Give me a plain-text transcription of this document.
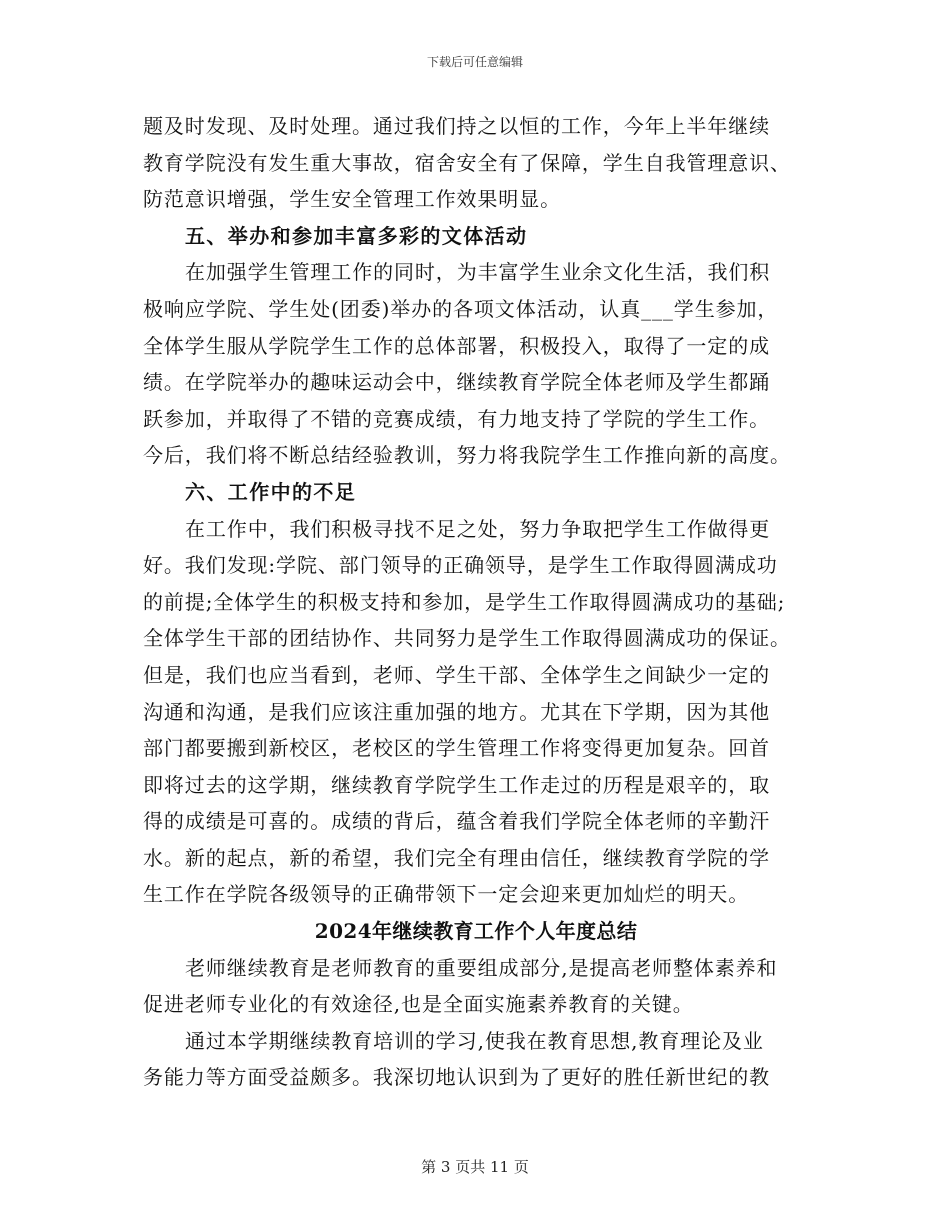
下载后可任意编辑
题及时发现、及时处理。通过我们持之以恒的工作，今年上半年继续
教育学院没有发生重大事故，宿舍安全有了保障，学生自我管理意识、
防范意识增强，学生安全管理工作效果明显。
五、举办和参加丰富多彩的文体活动
在加强学生管理工作的同时，为丰富学生业余文化生活，我们积
极响应学院、学生处(团委)举办的各项文体活动，认真___学生参加，
全体学生服从学院学生工作的总体部署，积极投入，取得了一定的成
绩。在学院举办的趣味运动会中，继续教育学院全体老师及学生都踊
跃参加，并取得了不错的竞赛成绩，有力地支持了学院的学生工作。
今后，我们将不断总结经验教训，努力将我院学生工作推向新的高度。
六、工作中的不足
在工作中，我们积极寻找不足之处，努力争取把学生工作做得更
好。我们发现:学院、部门领导的正确领导，是学生工作取得圆满成功
的前提;全体学生的积极支持和参加，是学生工作取得圆满成功的基础;
全体学生干部的团结协作、共同努力是学生工作取得圆满成功的保证。
但是，我们也应当看到，老师、学生干部、全体学生之间缺少一定的
沟通和沟通，是我们应该注重加强的地方。尤其在下学期，因为其他
部门都要搬到新校区，老校区的学生管理工作将变得更加复杂。回首
即将过去的这学期，继续教育学院学生工作走过的历程是艰辛的，取
得的成绩是可喜的。成绩的背后，蕴含着我们学院全体老师的辛勤汗
水。新的起点，新的希望，我们完全有理由信任，继续教育学院的学
生工作在学院各级领导的正确带领下一定会迎来更加灿烂的明天。
2024年继续教育工作个人年度总结
老师继续教育是老师教育的重要组成部分,是提高老师整体素养和
促进老师专业化的有效途径,也是全面实施素养教育的关键。
通过本学期继续教育培训的学习,使我在教育思想,教育理论及业
务能力等方面受益颇多。我深切地认识到为了更好的胜任新世纪的教
第 3 页共 11 页
